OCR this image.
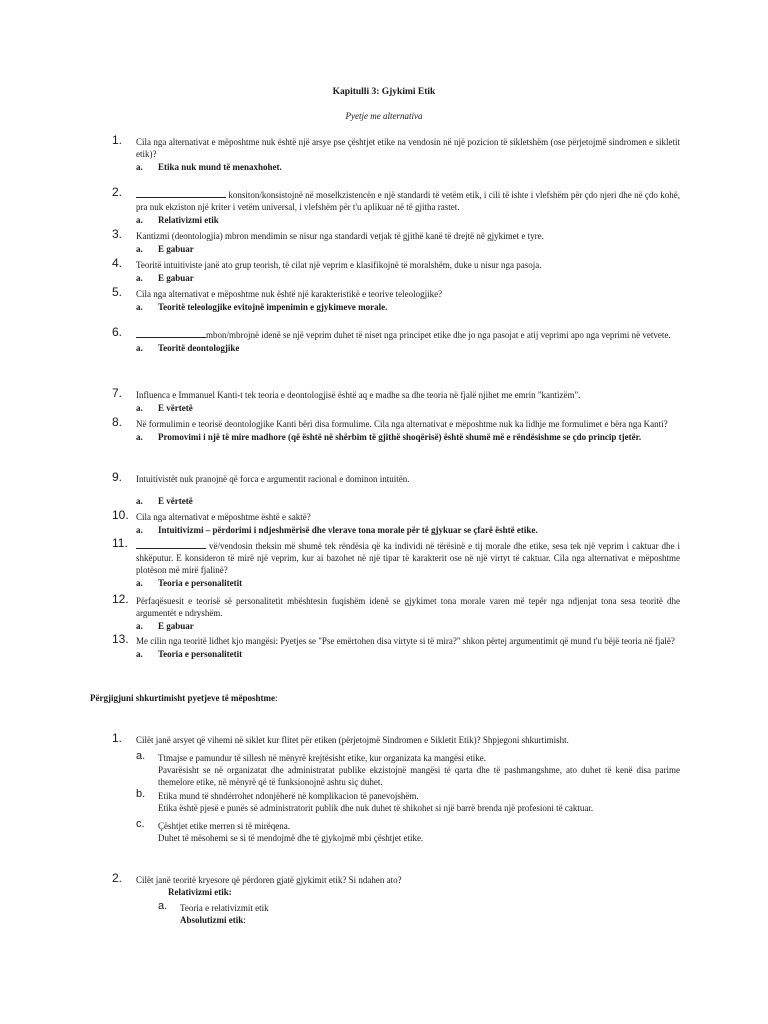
Kapitulli 3: Gjykimi Etik
Pyetje me alternativa
1. Cila nga alternativat e mëposhtme nuk është një arsye pse çështjet etike na vendosin në një pozicion të sikletshëm (ose përjetojmë sindromen e sikletit etik)?
a. Etika nuk mund të menaxhohet.
2.	konsiton/konsistojnë në moselkzistencën e një standardi të vetëm etik, i cili të ishte i vlefshëm për çdo njeri dhe në çdo kohë, pra nuk ekziston një kriter i vetëm universal, i vlefshëm për t'u aplikuar në të gjitha rastet.
a. Relativizmi etik
3. Kantizmi (deontologjia) mbron mendimin se nisur nga standardi vetjak të gjithë kanë të drejtë në gjykimet e tyre.
a. E gabuar
4. Teoritë intuitiviste janë ato grup teorish, të cilat një veprim e klasifikojnë të moralshëm, duke u nisur nga pasoja.
a. E gabuar
5. Cila nga alternativat e mëposhtme nuk është një karakteristikë e teorive teleologjike?
a. Teoritë teleologjike evitojnë impenimin e gjykimeve morale.
6.	mbon/mbrojnë idenë se një veprim duhet të niset nga principet etike dhe jo nga pasojat e atij veprimi apo nga veprimi në vetvete.
a. Teoritë deontologjike
7. Influenca e Immanuel Kanti-t tek teoria e deontologjisë është aq e madhe sa dhe teoria në fjalë njihet me emrin "kantizëm".
a. E vërtetë
8. Në formulimin e teorisë deontologjike Kanti bëri disa formulime. Cila nga alternativat e mëposhtme nuk ka lidhje me formulimet e bëra nga Kanti?
a. Promovimi i një të mire madhore (që është në shërbim të gjithë shoqërisë) është shumë më e rëndësishme se çdo princip tjetër.
9. Intuitivistët nuk pranojnë që forca e argumentit racional e dominon intuitën.
a. E vërtetë
10. Cila nga alternativat e mëposhtme është e saktë?
a. Intuitivizmi – përdorimi i ndjeshmërisë dhe vlerave tona morale për të gjykuar se çfarë është etike.
11.	vë/vendosin theksin më shumë tek rëndësia që ka individi në tërësinë e tij morale dhe etike, sesa tek një veprim i caktuar dhe i shkëputur. E konsideron të mirë një veprim, kur ai bazohet në një tipar të karakterit ose në një virtyt të caktuar. Cila nga alternativat e mëposhtme plotëson më mirë fjalinë?
a. Teoria e personalitetit
12. Përfaqësuesit e teorisë së personalitetit mbështesin fuqishëm idenë se gjykimet tona morale varen më tepër nga ndjenjat tona sesa teoritë dhe argumentët e ndryshëm.
a. E gabuar
13. Me cilin nga teoritë lidhet kjo mangësi: Pyetjes se "Pse emërtohen disa virtyte si të mira?" shkon përtej argumentimit që mund t'u bëjë teoria në fjalë?
a. Teoria e personalitetit
Përgjigjuni shkurtimisht pyetjeve të mëposhtme:
1. Cilët janë arsyet që vihemi në siklet kur flitet për etiken (përjetojmë Sindromen e Sikletit Etik)? Shpjegoni shkurtimisht.
a. Ttmajse e pamundur të sillesh në mënyrë krejtësisht etike, kur organizata ka mangësi etike.
Pavarësisht se në organizatat dhe administratat publike ekzistojnë mangësi të qarta dhe të pashmangshme, ato duhet të kenë disa parime themelore etike, në mënyrë që të funksionojnë ashtu siç duhet.
b. Etika mund të shndërrohet ndonjëherë në komplikacion të panevojshëm.
Etika është pjesë e punës së administratorit publik dhe nuk duhet të shikohet si një barrë brenda një profesioni të caktuar.
c. Çështjet etike merren si të mirëqena.
Duhet të mësohemi se si të mendojmë dhe të gjykojmë mbi çështjet etike.
2. Cilët janë teoritë kryesore që përdoren gjatë gjykimit etik? Si ndahen ato?
Relativizmi etik:
a. Teoria e relativizmit etik
Absolutizmi etik:
